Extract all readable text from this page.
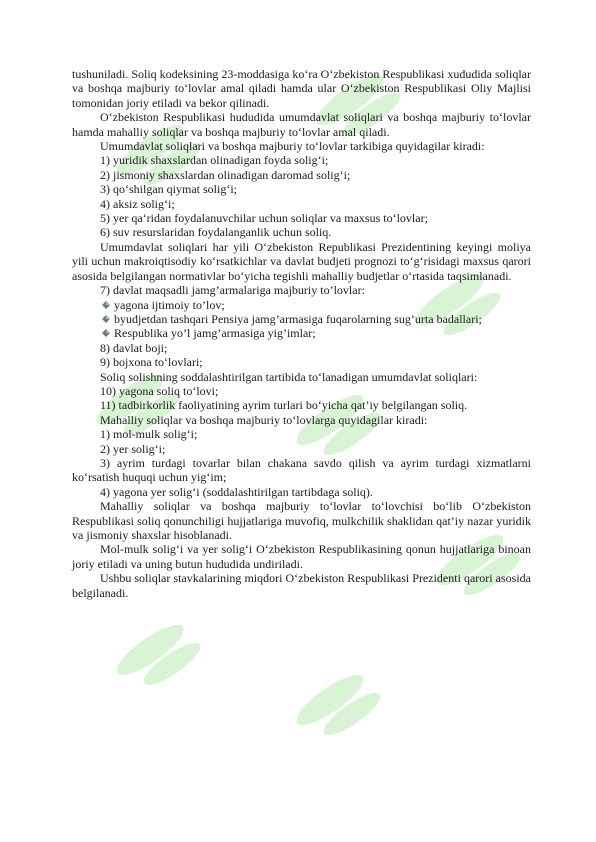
tushuniladi. Soliq kodeksining 23-moddasiga ko‘ra O‘zbekiston Respublikasi xududida soliqlar va boshqa majburiy to‘lovlar amal qiladi hamda ular O‘zbekiston Respublikasi Oliy Majlisi tomonidan joriy etiladi va bekor qilinadi.

O‘zbekiston Respublikasi hududida umumdavlat soliqlari va boshqa majburiy to‘lovlar hamda mahalliy soliqlar va boshqa majburiy to‘lovlar amal qiladi.

Umumdavlat soliqlari va boshqa majburiy to‘lovlar tarkibiga quyidagilar kiradi:

1) yuridik shaxslardan olinadigan foyda solig‘i;

2) jismoniy shaxslardan olinadigan daromad solig‘i;

3) qo‘shilgan qiymat solig‘i;

4) aksiz solig‘i;

5) yer qa‘ridan foydalanuvchilar uchun soliqlar va maxsus to‘lovlar;

6) suv resurslaridan foydalanganlik uchun soliq.

Umumdavlat soliqlari har yili O‘zbekiston Republikasi Prezidentining keyingi moliya yili uchun makroiqtisodiy ko‘rsatkichlar va davlat budjeti prognozi to‘g‘risidagi maxsus qarori asosida belgilangan normativlar bo‘yicha tegishli mahalliy budjetlar o‘rtasida taqsimlanadi.

7) davlat maqsadli jamg’armalariga majburiy to’lovlar:

yagona ijtimoiy to’lov;
byudjetdan tashqari Pensiya jamg’armasiga fuqarolarning sug’urta badallari;
Respublika yo’l jamg’armasiga yig’imlar;

8) davlat boji;

9) bojxona to‘lovlari;

Soliq solishning soddalashtirilgan tartibida to‘lanadigan umumdavlat soliqlari:

10) yagona soliq to‘lovi;

11) tadbirkorlik faoliyatining ayrim turlari bo‘yicha qat’iy belgilangan soliq.

Mahalliy soliqlar va boshqa majburiy to‘lovlarga quyidagilar kiradi:

1) mol-mulk solig‘i;

2) yer solig‘i;

3) ayrim turdagi tovarlar bilan chakana savdo qilish va ayrim turdagi xizmatlarni ko‘rsatish huquqi uchun yig‘im;

4) yagona yer solig‘i (soddalashtirilgan tartibdaga soliq).

Mahalliy soliqlar va boshqa majburiy to‘lovlar to‘lovchisi bo‘lib O‘zbekiston Respublikasi soliq qonunchiligi hujjatlariga muvofiq, mulkchilik shaklidan qat’iy nazar yuridik va jismoniy shaxslar hisoblanadi.

Mol-mulk solig‘i va yer solig‘i O‘zbekiston Respublikasining qonun hujjatlariga binoan joriy etiladi va uning butun hududida undiriladi.

Ushbu soliqlar stavkalarining miqdori O‘zbekiston Respublikasi Prezidenti qarori asosida belgilanadi.
